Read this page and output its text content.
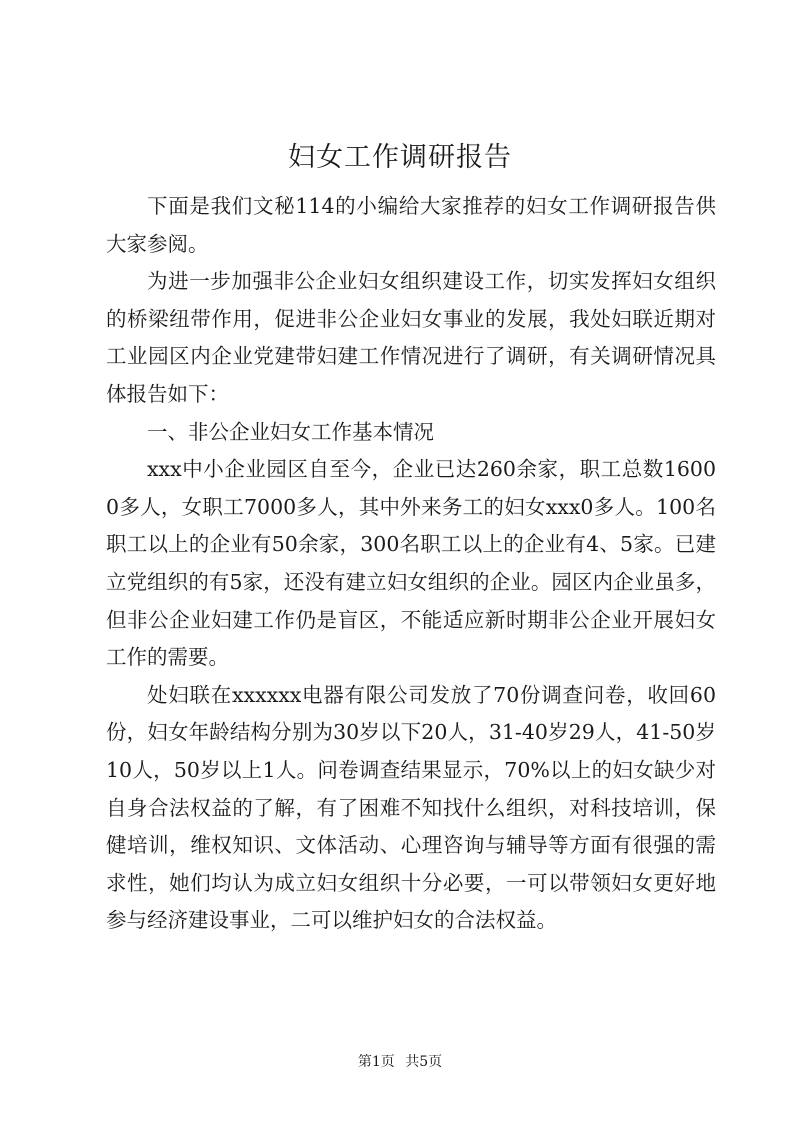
妇女工作调研报告

下面是我们文秘114的小编给大家推荐的妇女工作调研报告供大家参阅。

为进一步加强非公企业妇女组织建设工作，切实发挥妇女组织的桥梁纽带作用，促进非公企业妇女事业的发展，我处妇联近期对工业园区内企业党建带妇建工作情况进行了调研，有关调研情况具体报告如下：

一、非公企业妇女工作基本情况

xxx中小企业园区自至今，企业已达260余家，职工总数16000多人，女职工7000多人，其中外来务工的妇女xxx0多人。100名职工以上的企业有50余家，300名职工以上的企业有4、5家。已建立党组织的有5家，还没有建立妇女组织的企业。园区内企业虽多，但非公企业妇建工作仍是盲区，不能适应新时期非公企业开展妇女工作的需要。

处妇联在xxxxxx电器有限公司发放了70份调查问卷，收回60份，妇女年龄结构分别为30岁以下20人，31-40岁29人，41-50岁10人，50岁以上1人。问卷调查结果显示，70%以上的妇女缺少对自身合法权益的了解，有了困难不知找什么组织，对科技培训，保健培训，维权知识、文体活动、心理咨询与辅导等方面有很强的需求性，她们均认为成立妇女组织十分必要，一可以带领妇女更好地参与经济建设事业，二可以维护妇女的合法权益。

第1页 共5页
